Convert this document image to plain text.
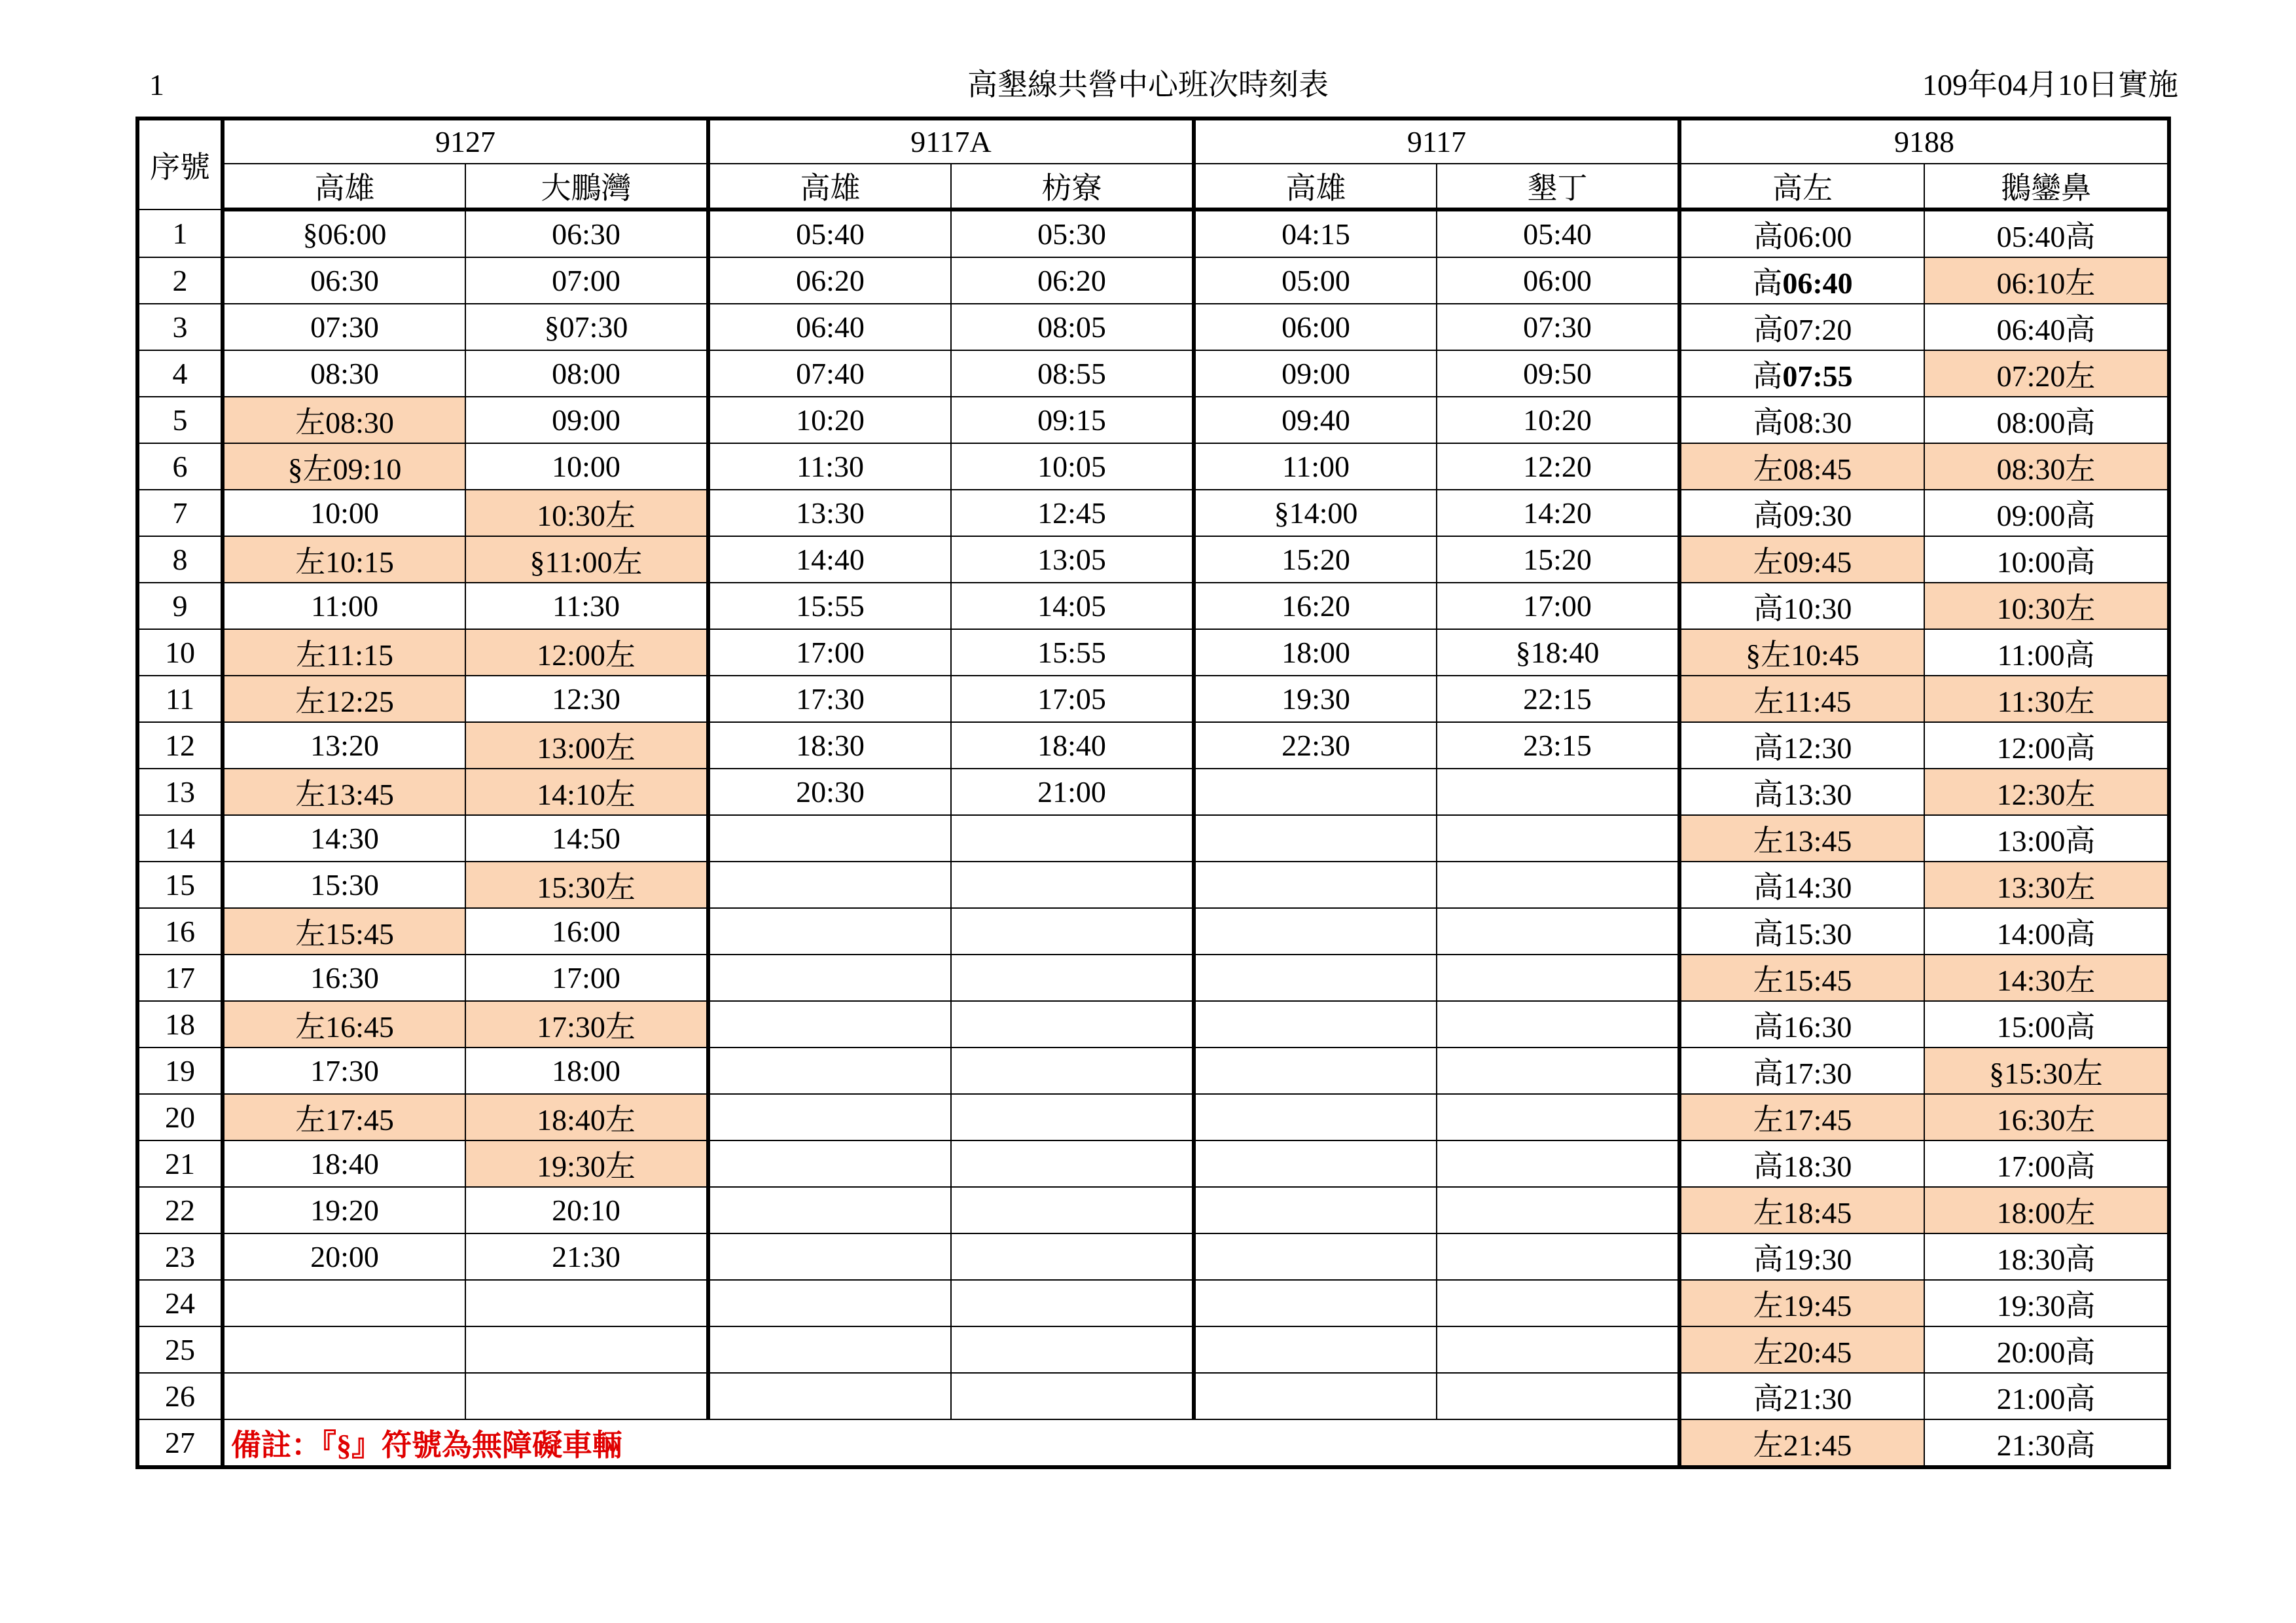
1	高墾線共營中心班次時刻表	109年04月10日實施
序號	9127		9117A		9117		9188	
	高雄	大鵬灣	高雄	枋寮	高雄	墾丁	高左	鵝鑾鼻
1	§06:00	06:30	05:40	05:30	04:15	05:40	高06:00	05:40高
2	06:30	07:00	06:20	06:20	05:00	06:00	高06:40	06:10左
3	07:30	§07:30	06:40	08:05	06:00	07:30	高07:20	06:40高
4	08:30	08:00	07:40	08:55	09:00	09:50	高07:55	07:20左
5	左08:30	09:00	10:20	09:15	09:40	10:20	高08:30	08:00高
6	§左09:10	10:00	11:30	10:05	11:00	12:20	左08:45	08:30左
7	10:00	10:30左	13:30	12:45	§14:00	14:20	高09:30	09:00高
8	左10:15	§11:00左	14:40	13:05	15:20	15:20	左09:45	10:00高
9	11:00	11:30	15:55	14:05	16:20	17:00	高10:30	10:30左
10	左11:15	12:00左	17:00	15:55	18:00	§18:40	§左10:45	11:00高
11	左12:25	12:30	17:30	17:05	19:30	22:15	左11:45	11:30左
12	13:20	13:00左	18:30	18:40	22:30	23:15	高12:30	12:00高
13	左13:45	14:10左	20:30	21:00			高13:30	12:30左
14	14:30	14:50					左13:45	13:00高
15	15:30	15:30左					高14:30	13:30左
16	左15:45	16:00					高15:30	14:00高
17	16:30	17:00					左15:45	14:30左
18	左16:45	17:30左					高16:30	15:00高
19	17:30	18:00					高17:30	§15:30左
20	左17:45	18:40左					左17:45	16:30左
21	18:40	19:30左					高18:30	17:00高
22	19:20	20:10					左18:45	18:00左
23	20:00	21:30					高19:30	18:30高
24							左19:45	19:30高
25							左20:45	20:00高
26							高21:30	21:00高
27	備註：『§』符號為無障礙車輛						左21:45	21:30高
